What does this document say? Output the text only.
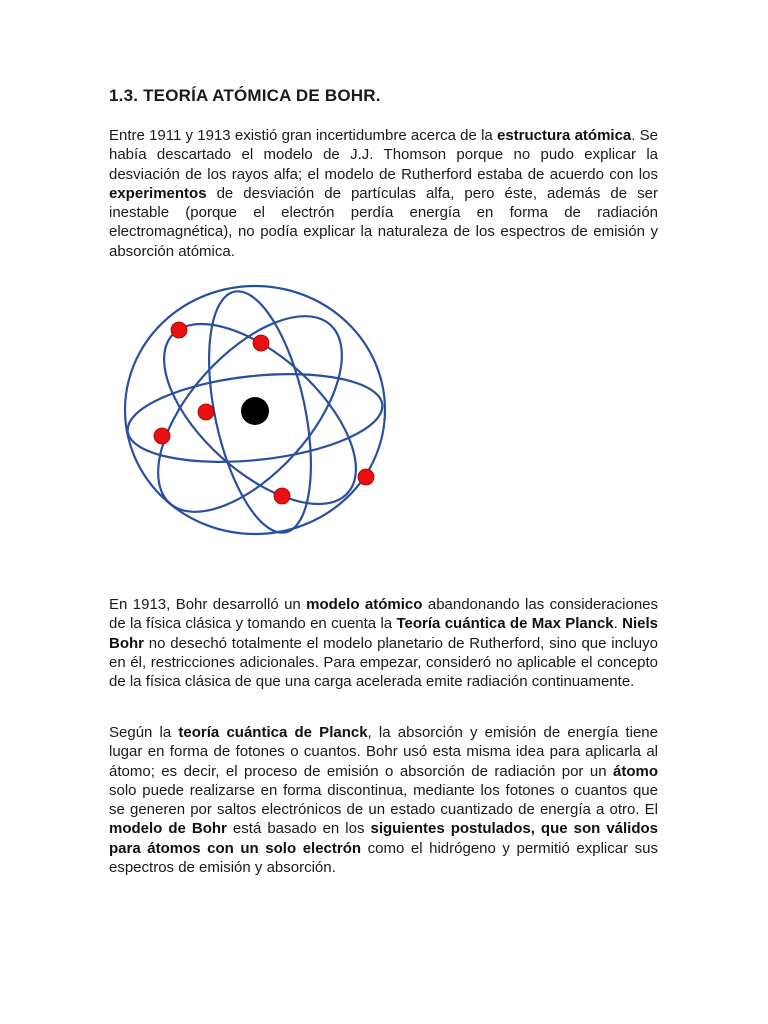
1.3. TEORÍA ATÓMICA DE BOHR.

Entre 1911 y 1913 existió gran incertidumbre acerca de la estructura atómica. Se había descartado el modelo de J.J. Thomson porque no pudo explicar la desviación de los rayos alfa; el modelo de Rutherford estaba de acuerdo con los experimentos de desviación de partículas alfa, pero éste, además de ser inestable (porque el electrón perdía energía en forma de radiación electromagnética), no podía explicar la naturaleza de los espectros de emisión y absorción atómica.

En 1913, Bohr desarrolló un modelo atómico abandonando las consideraciones de la física clásica y tomando en cuenta la Teoría cuántica de Max Planck. Niels Bohr no desechó totalmente el modelo planetario de Rutherford, sino que incluyo en él, restricciones adicionales. Para empezar, consideró no aplicable el concepto de la física clásica de que una carga acelerada emite radiación continuamente.

Según la teoría cuántica de Planck, la absorción y emisión de energía tiene lugar en forma de fotones o cuantos. Bohr usó esta misma idea para aplicarla al átomo; es decir, el proceso de emisión o absorción de radiación por un átomo solo puede realizarse en forma discontinua, mediante los fotones o cuantos que se generen por saltos electrónicos de un estado cuantizado de energía a otro. El modelo de Bohr está basado en los siguientes postulados, que son válidos para átomos con un solo electrón como el hidrógeno y permitió explicar sus espectros de emisión y absorción.
